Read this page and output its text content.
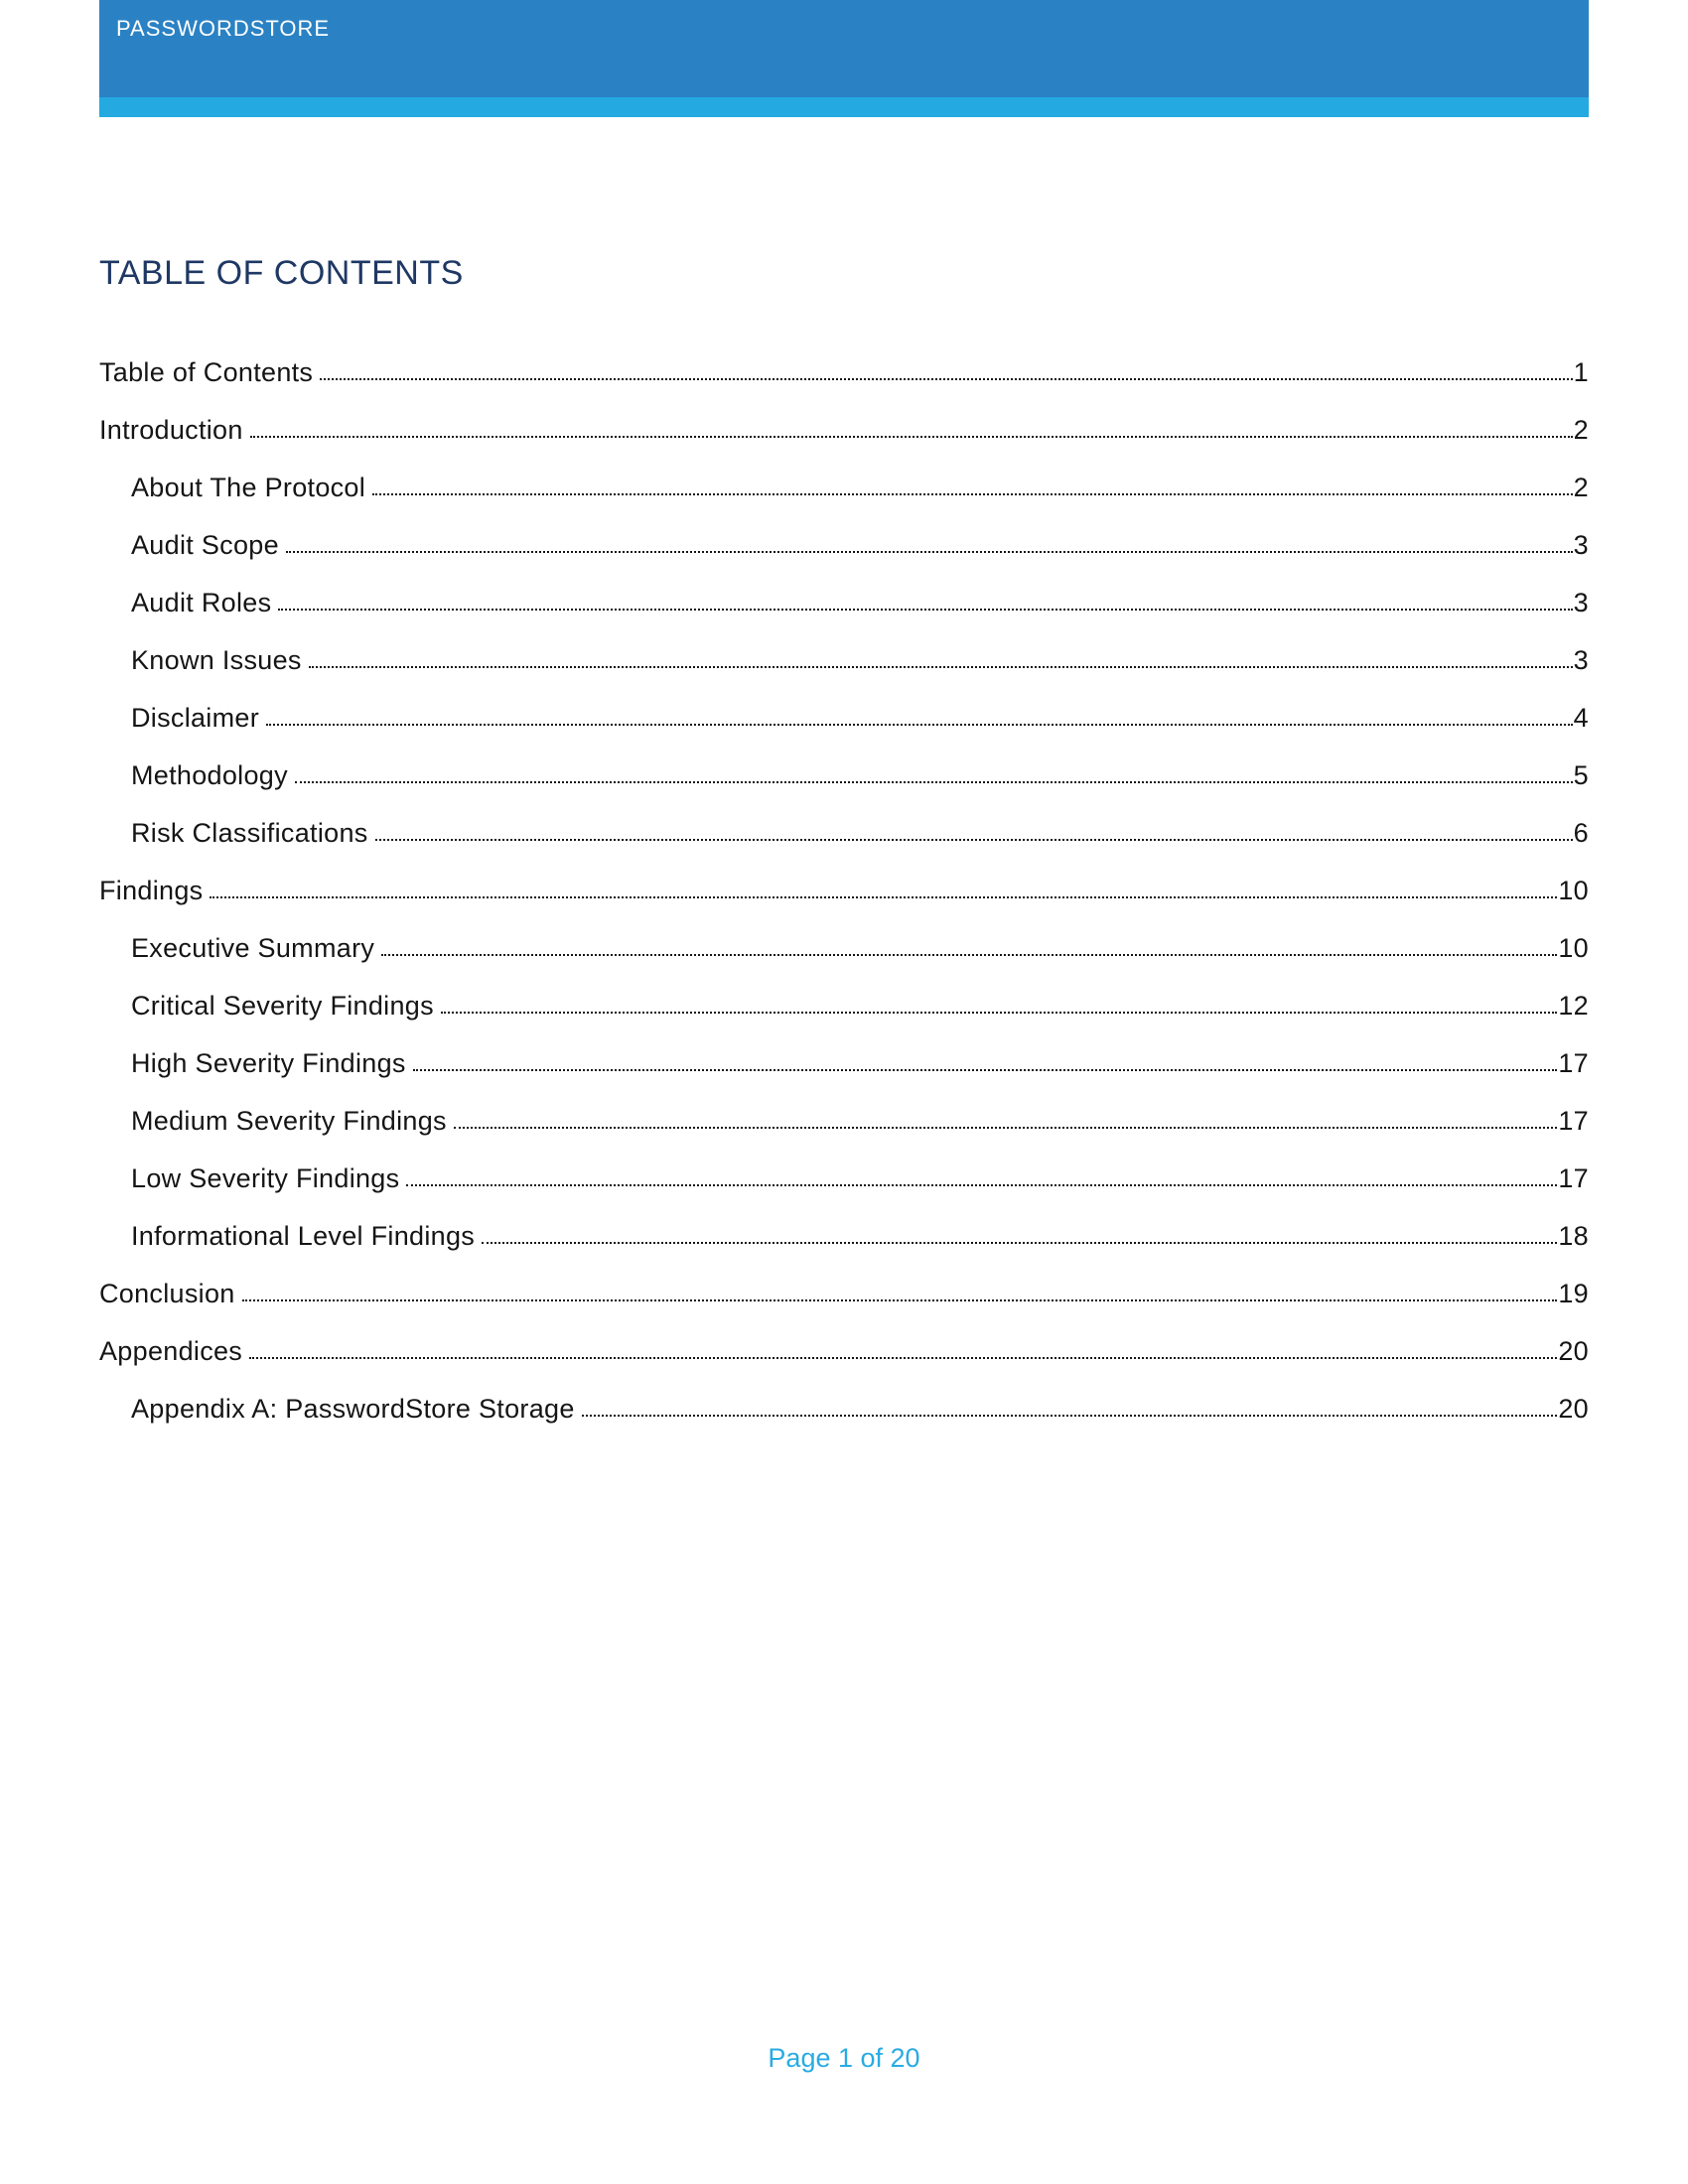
PASSWORDSTORE
TABLE OF CONTENTS
Table of Contents	1
Introduction	2
About The Protocol	2
Audit Scope	3
Audit Roles	3
Known Issues	3
Disclaimer	4
Methodology	5
Risk Classifications	6
Findings	10
Executive Summary	10
Critical Severity Findings	12
High Severity Findings	17
Medium Severity Findings	17
Low Severity Findings	17
Informational Level Findings	18
Conclusion	19
Appendices	20
Appendix A: PasswordStore Storage	20
Page 1 of 20
